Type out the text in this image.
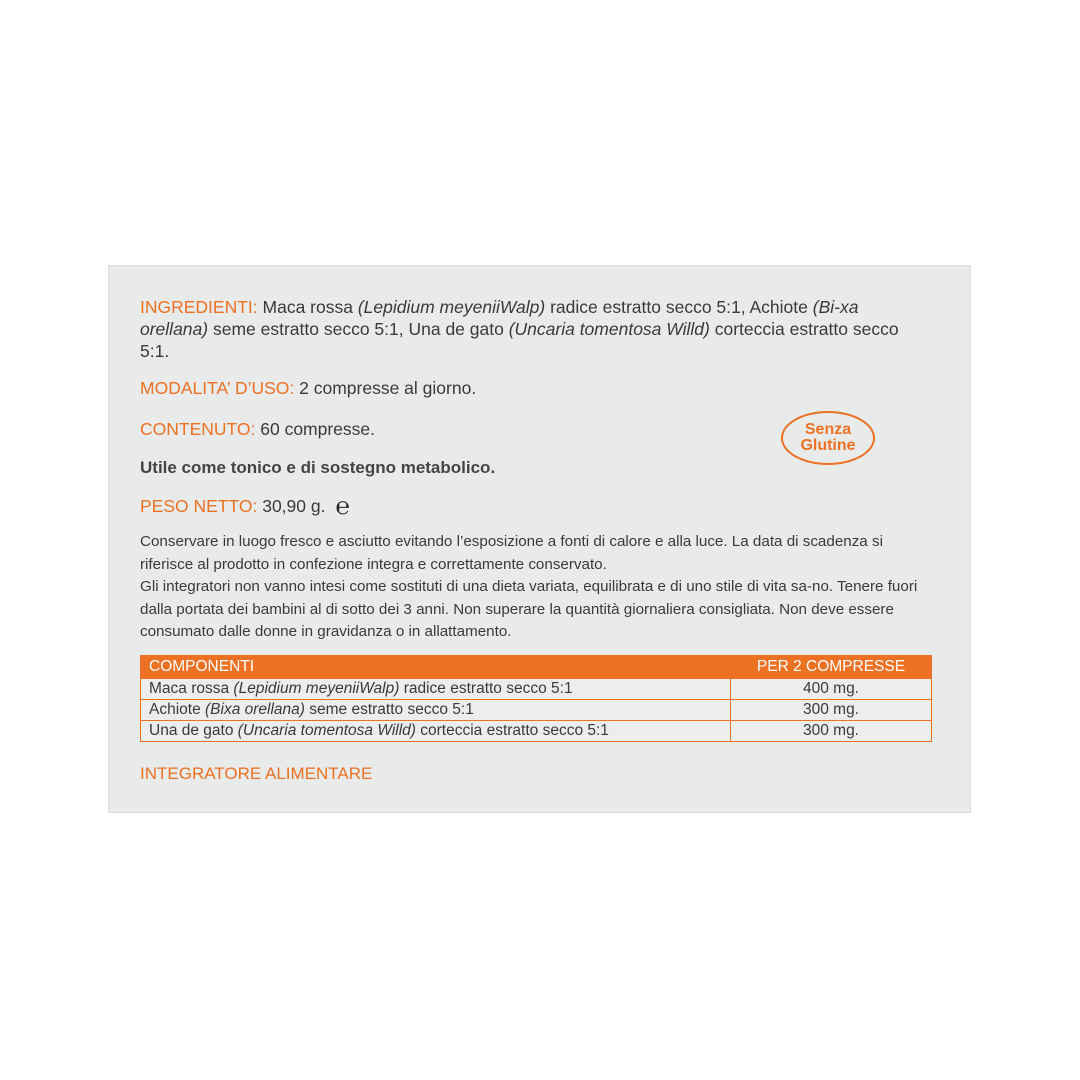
INGREDIENTI: Maca rossa (Lepidium meyeniiWalp) radice estratto secco 5:1, Achiote (Bi-xa orellana) seme estratto secco 5:1, Una de gato (Uncaria tomentosa Willd) corteccia estratto secco 5:1.

MODALITA’ D’USO: 2 compresse al giorno.

CONTENUTO: 60 compresse.	Senza
Glutine

Utile come tonico e di sostegno metabolico.

PESO NETTO: 30,90 g. ℮

Conservare in luogo fresco e asciutto evitando l’esposizione a fonti di calore e alla luce. La data di scadenza si riferisce al prodotto in confezione integra e correttamente conservato.

Gli integratori non vanno intesi come sostituti di una dieta variata, equilibrata e di uno stile di vita sa-no. Tenere fuori dalla portata dei bambini al di sotto dei 3 anni. Non superare la quantità giornaliera consigliata. Non deve essere consumato dalle donne in gravidanza o in allattamento.

COMPONENTI	PER 2 COMPRESSE
Maca rossa (Lepidium meyeniiWalp) radice estratto secco 5:1	400 mg.
Achiote (Bixa orellana) seme estratto secco 5:1	300 mg.
Una de gato (Uncaria tomentosa Willd) corteccia estratto secco 5:1	300 mg.

INTEGRATORE ALIMENTARE
